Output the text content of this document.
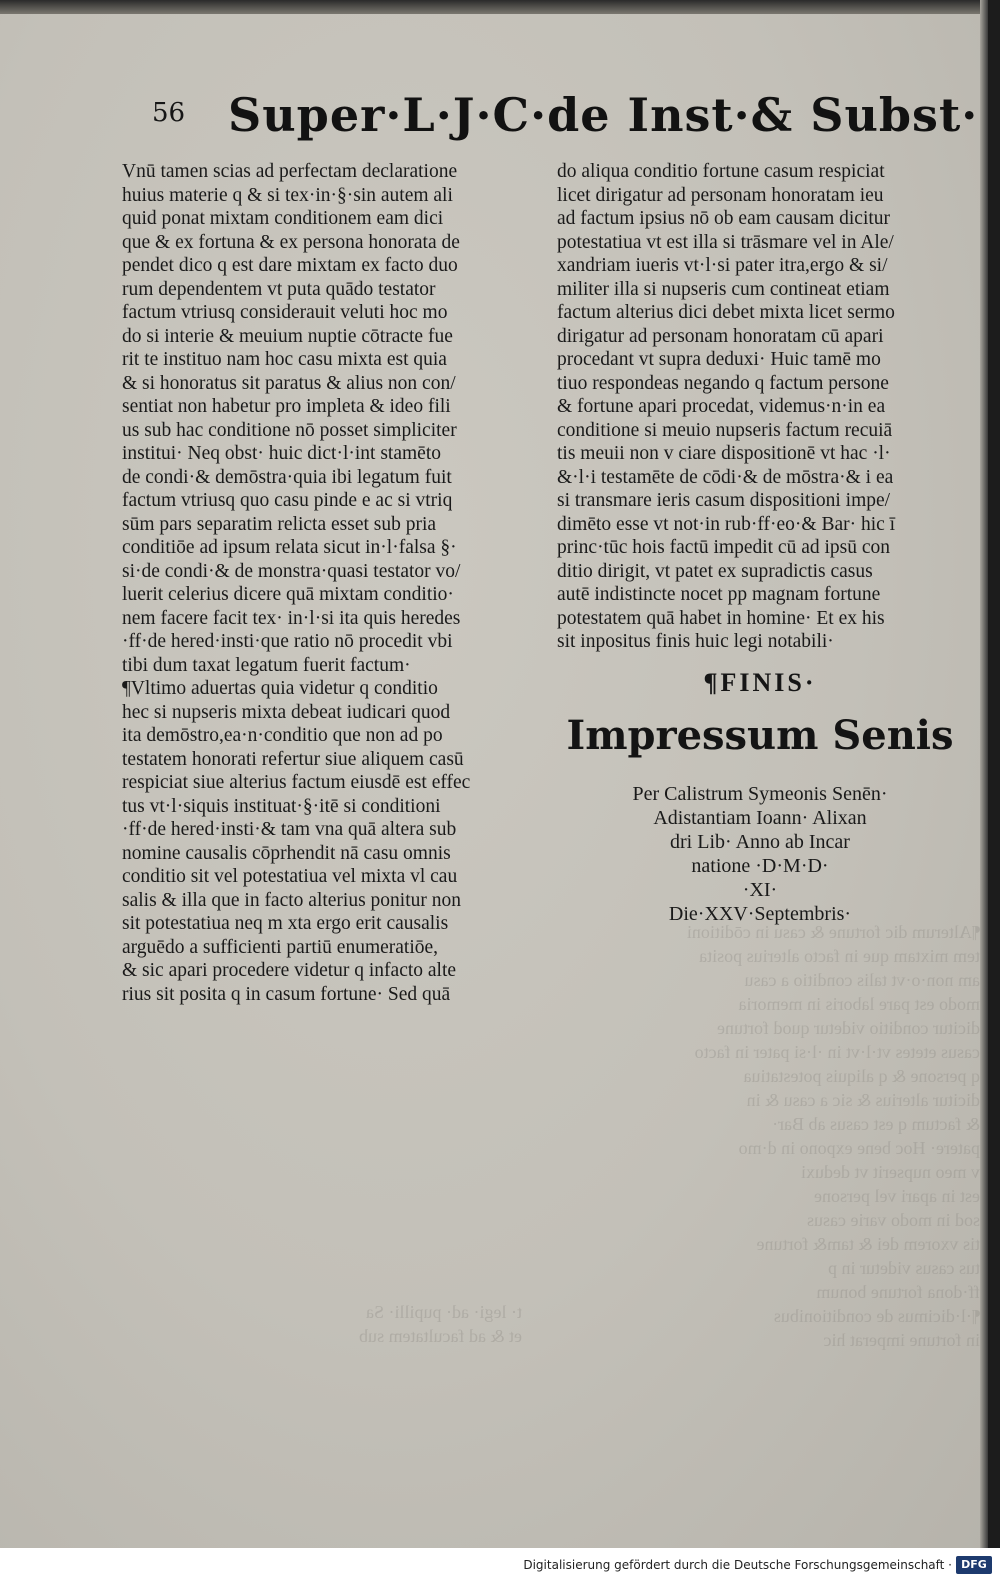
56 Super·L·J·C·de Inst·& Subst·
Vnū tamen scias ad perfectam declaratione
huius materie q & si tex·in·§·sin autem ali
quid ponat mixtam conditionem eam dici
que & ex fortuna & ex persona honorata de
pendet dico q est dare mixtam ex facto duo
rum dependentem vt puta quādo testator
factum vtriusq considerauit veluti hoc mo
do si interie & meuium nuptie cōtracte fue
rit te instituo nam hoc casu mixta est quia
& si honoratus sit paratus & alius non con/
sentiat non habetur pro impleta & ideo fili
us sub hac conditione nō posset simpliciter
institui· Neq obst· huic dict·l·int stamēto
de condi·& demōstra·quia ibi legatum fuit
factum vtriusq quo casu pinde e ac si vtriq
sūm pars separatim relicta esset sub pria
conditiōe ad ipsum relata sicut in·l·falsa §·
si·de condi·& de monstra·quasi testator vo/
luerit celerius dicere quā mixtam conditio·
nem facere facit tex· in·l·si ita quis heredes
·ff·de hered·insti·que ratio nō procedit vbi
tibi dum taxat legatum fuerit factum·
¶Vltimo aduertas quia videtur q conditio
hec si nupseris mixta debeat iudicari quod
ita demōstro,ea·n·conditio que non ad po
testatem honorati refertur siue aliquem casū
respiciat siue alterius factum eiusdē est effec
tus vt·l·siquis instituat·§·itē si conditioni
·ff·de hered·insti·& tam vna quā altera sub
nomine causalis cōprhendit nā casu omnis
conditio sit vel potestatiua vel mixta vl cau
salis & illa que in facto alterius ponitur non
sit potestatiua neq m xta ergo erit causalis
arguēdo a sufficienti partiū enumeratiōe,
& sic apari procedere videtur q infacto alte
rius sit posita q in casum fortune· Sed quā
do aliqua conditio fortune casum respiciat
licet dirigatur ad personam honoratam ieu
ad factum ipsius nō ob eam causam dicitur
potestatiua vt est illa si trāsmare vel in Ale/
xandriam iueris vt·l·si pater itra,ergo & si/
militer illa si nupseris cum contineat etiam
factum alterius dici debet mixta licet sermo
dirigatur ad personam honoratam cū apari
procedant vt supra deduxi· Huic tamē mo
tiuo respondeas negando q factum persone
& fortune apari procedat, videmus·n·in ea
conditione si meuio nupseris factum recuiā
tis meuii non v ciare dispositionē vt hac ·l·
&·l·i testamēte de cōdi·& de mōstra·& i ea
si transmare ieris casum dispositioni impe/
dimēto esse vt not·in rub·ff·eo·& Bar· hic ī
princ·tūc hois factū impedit cū ad ipsū con
ditio dirigit, vt patet ex supradictis casus
autē indistincte nocet pp magnam fortune
potestatem quā habet in homine· Et ex his
sit inpositus finis huic legi notabili·
¶FINIS·
Impressum Senis
Per Calistrum Symeonis Senēn·
Adistantiam Ioann· Alixan
dri Lib· Anno ab Incar
natione ·D·M·D·
·XI·
Die·XXV·Septembris·
¶Alterum dic fortune & casu in cōditioni
tem mixtam que in facto alterius posita
am non·o·vt talis conditio a casu
modo est pare laboris in memoria
dicitur conditio videtur quod fortune
casus etetes vt·l·vt in ·l·si pater in facto
q persone & q aliquis potestatiua
dicitur alterius & sic a casu & in
& factum q est casus ab Bar·
patere· Hoc bene expono in d·mo
v meo nupserit vt deduxi
est in apari vel persone
sod in modo varie casus
tis vxorem dei & tam& fortune
tus casus videtur in p
ff·dona fortune bonum
¶·l·dicimus de conditionibus
in fortune imperat hic
t· legi· ad· pupilli· Sa
et & ad facultatem sub
Digitalisierung gefördert durch die Deutsche Forschungsgemeinschaft · DFG
